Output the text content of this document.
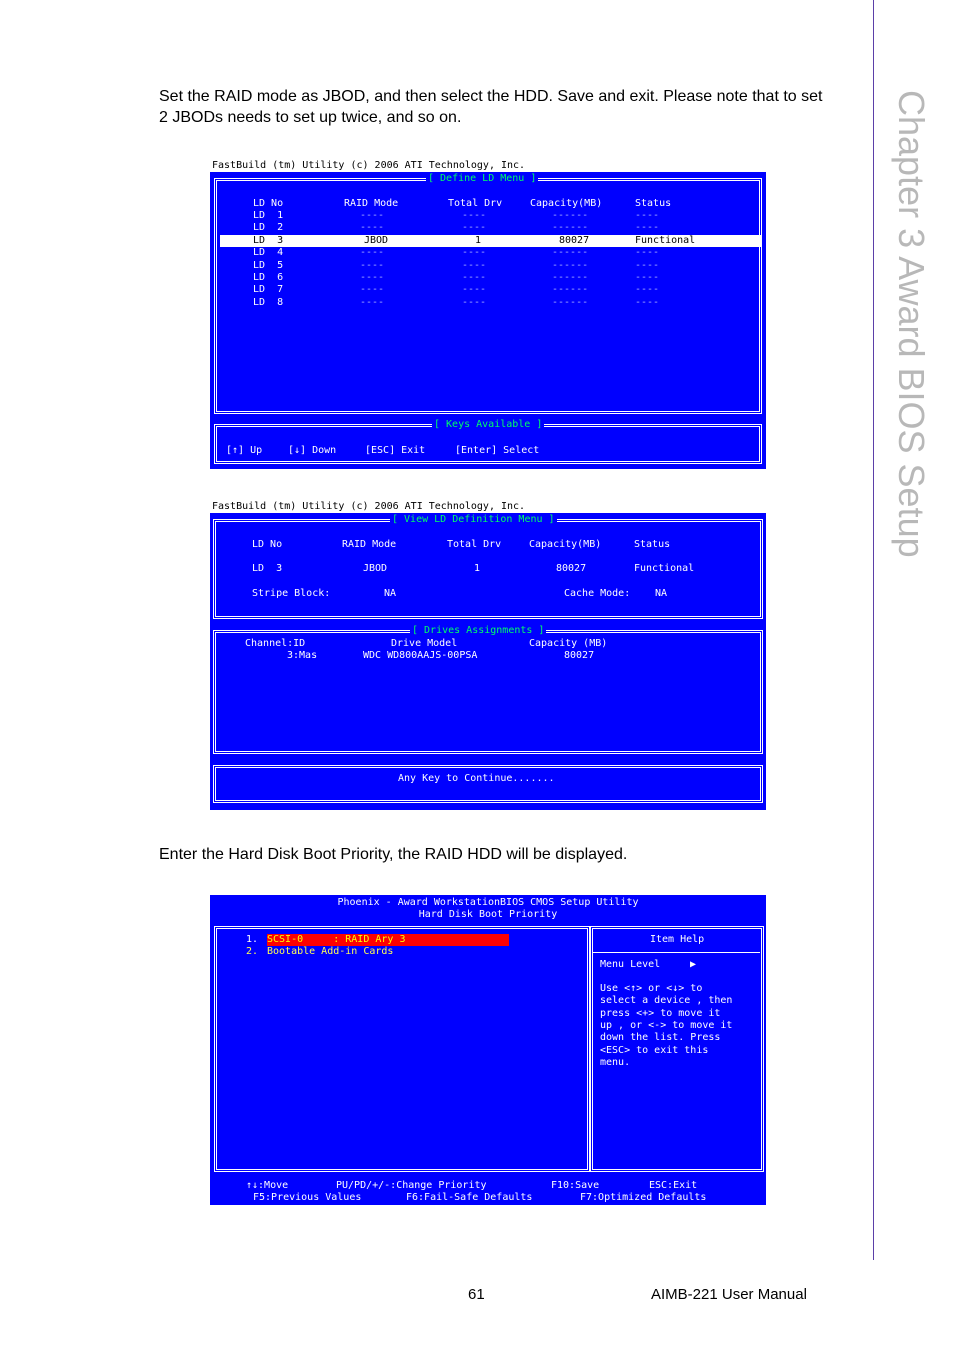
Chapter 3 Award BIOS Setup

Set the RAID mode as JBOD, and then select the HDD. Save and exit. Please note that to set 2 JBODs needs to set up twice, and so on.

FastBuild (tm) Utility (c) 2006 ATI Technology, Inc.
[ Define LD Menu ]
LD No	RAID Mode	Total Drv	Capacity(MB)	Status
[ Keys Available ]
[↑] Up	[↓] Down	[ESC] Exit	[Enter] Select
LD  1	----	----	------	----
LD  2	----	----	------	----
LD  3	JBOD	1	80027	Functional
LD  4	----	----	------	----
LD  5	----	----	------	----
LD  6	----	----	------	----
LD  7	----	----	------	----
LD  8	----	----	------	----
FastBuild (tm) Utility (c) 2006 ATI Technology, Inc.
[ View LD Definition Menu ]
LD No	RAID Mode	Total Drv	Capacity(MB)	Status
LD  3	JBOD	1	80027	Functional
Stripe Block:	NA	Cache Mode: NA
[ Drives Assignments ]
Channel:ID	Drive Model	Capacity (MB)
3:Mas	WDC WD800AAJS-00PSA	80027
Any Key to Continue.......

Enter the Hard Disk Boot Priority, the RAID HDD will be displayed.

Phoenix - Award WorkstationBIOS CMOS Setup Utility
Hard Disk Boot Priority
1. SCSI-0     : RAID Ary 3
2. Bootable Add-in Cards
Item Help
Menu Level	▶
↑↓:Move	PU/PD/+/-:Change Priority	F10:Save	ESC:Exit
F5:Previous Values	F6:Fail-Safe Defaults	F7:Optimized Defaults
Use <↑> or <↓> to
select a device , then
press <+> to move it
up , or <-> to move it
down the list. Press
<ESC> to exit this
menu.
61	AIMB-221 User Manual
